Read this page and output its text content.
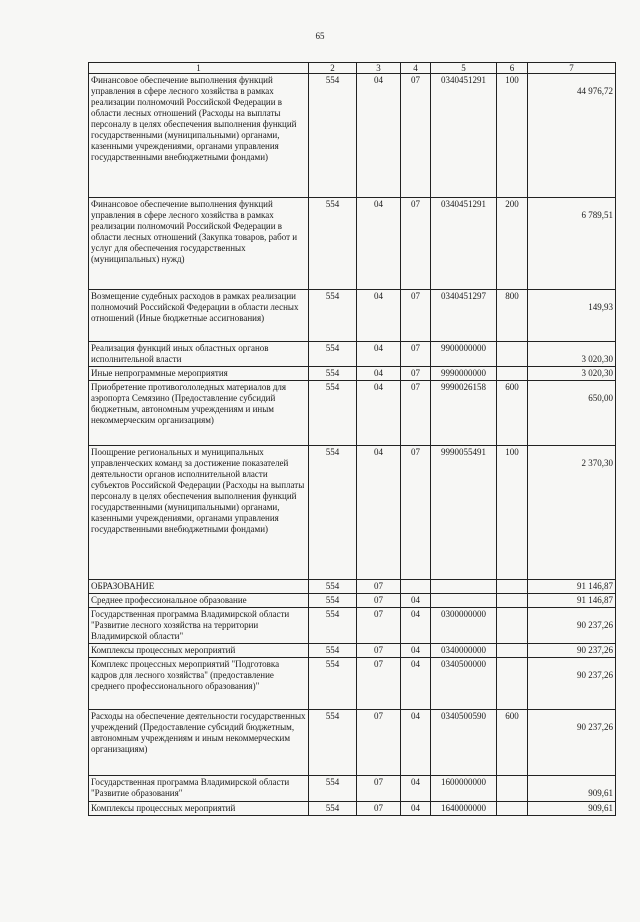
65
1	2	3	4	5	6	7
Финансовое обеспечение выполнения функций управления в сфере лесного хозяйства в рамках реализации полномочий Российской Федерации в области лесных отношений (Расходы на выплаты персоналу в целях обеспечения выполнения функций государственными (муниципальными) органами, казенными учреждениями, органами управления государственными внебюджетными фондами)	554	04	07	0340451291	100	44 976,72
Финансовое обеспечение выполнения функций управления в сфере лесного хозяйства в рамках реализации полномочий Российской Федерации в области лесных отношений (Закупка товаров, работ и услуг для обеспечения государственных (муниципальных) нужд)	554	04	07	0340451291	200	6 789,51
Возмещение судебных расходов в рамках реализации полномочий Российской Федерации в области лесных отношений (Иные бюджетные ассигнования)	554	04	07	0340451297	800	149,93
Реализация функций иных областных органов исполнительной власти	554	04	07	9900000000		3 020,30
Иные непрограммные мероприятия	554	04	07	9990000000		3 020,30
Приобретение противогололедных материалов для аэропорта Семязино (Предоставление субсидий бюджетным, автономным учреждениям и иным некоммерческим организациям)	554	04	07	9990026158	600	650,00
Поощрение региональных и муниципальных управленческих команд за достижение показателей деятельности органов исполнительной власти субъектов Российской Федерации (Расходы на выплаты персоналу в целях обеспечения выполнения функций государственными (муниципальными) органами, казенными учреждениями, органами управления государственными внебюджетными фондами)	554	04	07	9990055491	100	2 370,30
ОБРАЗОВАНИЕ	554	07				91 146,87
Среднее профессиональное образование	554	07	04			91 146,87
Государственная программа Владимирской области "Развитие лесного хозяйства на территории Владимирской области"	554	07	04	0300000000		90 237,26
Комплексы процессных мероприятий	554	07	04	0340000000		90 237,26
Комплекс процессных мероприятий "Подготовка кадров для лесного хозяйства" (предоставление среднего профессионального образования)"	554	07	04	0340500000		90 237,26
Расходы на обеспечение деятельности государственных учреждений (Предоставление субсидий бюджетным, автономным учреждениям и иным некоммерческим организациям)	554	07	04	0340500590	600	90 237,26
Государственная программа Владимирской области "Развитие образования"	554	07	04	1600000000		909,61
Комплексы процессных мероприятий	554	07	04	1640000000		909,61
